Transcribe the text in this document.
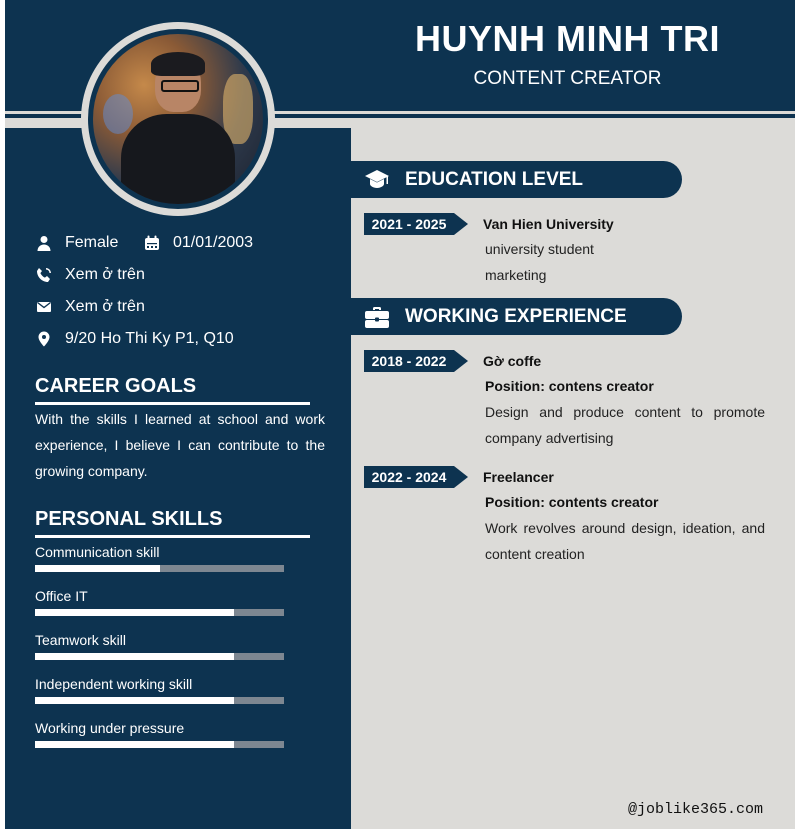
HUYNH MINH TRI
CONTENT CREATOR
Female	01/01/2003
Xem ở trên
Xem ở trên
9/20 Ho Thi Ky P1, Q10
CAREER GOALS
With the skills I learned at school and work experience, I believe I can contribute to the growing company.
PERSONAL SKILLS
Communication skill
Office IT
Teamwork skill
Independent working skill
Working under pressure
EDUCATION LEVEL
2021 - 2025	Van Hien University
university student
marketing
WORKING EXPERIENCE
2018 - 2022	Gờ coffe
Position: contens creator
Design and produce content to promote company advertising
2022 - 2024	Freelancer
Position: contents creator
Work revolves around design, ideation, and content creation
@joblike365.com
